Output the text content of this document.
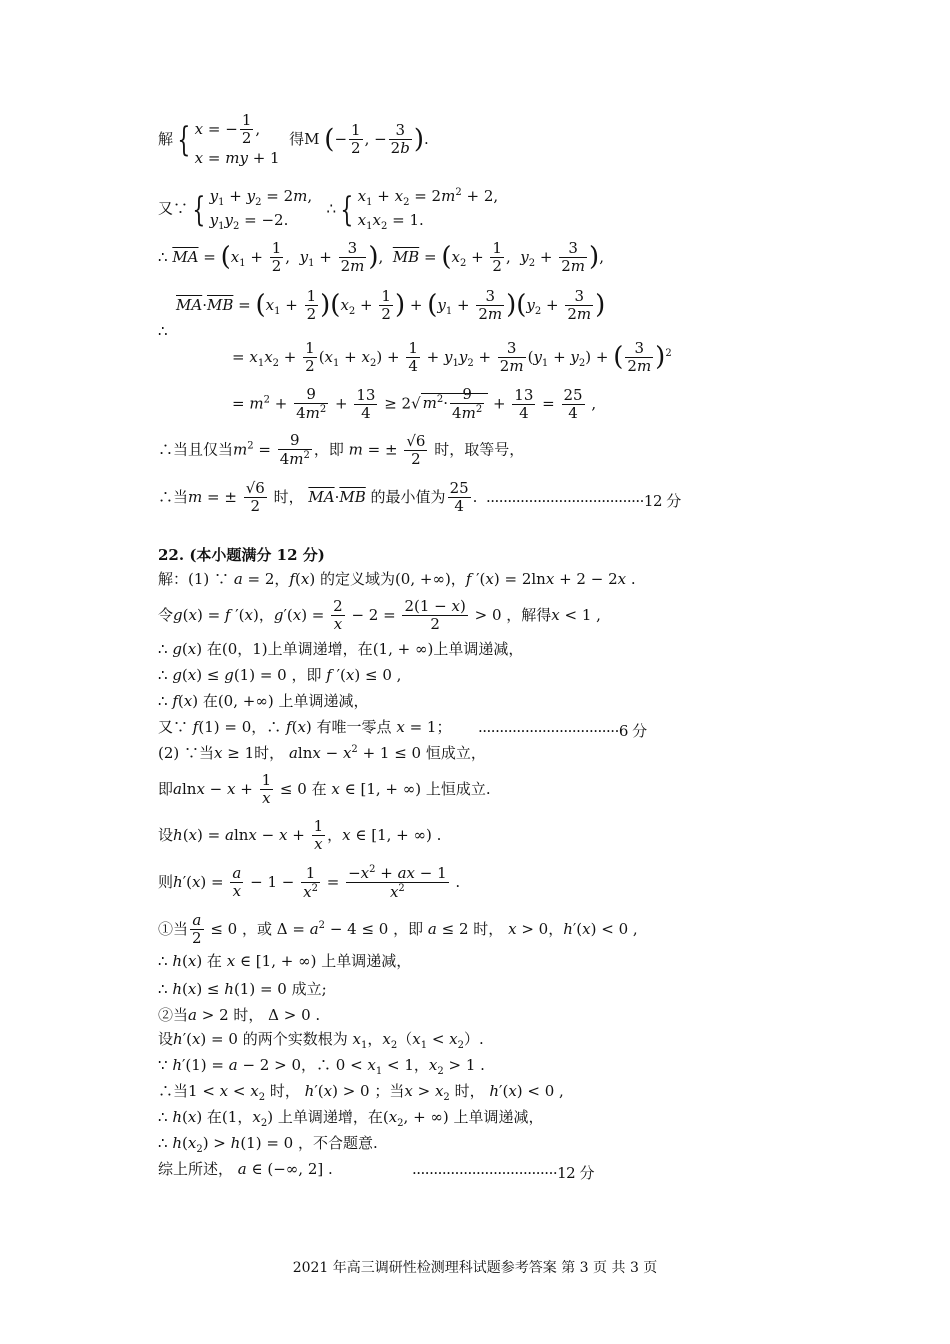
解 { x = − $\frac{1}{2}$ ,
x = my + 1  得M (− $\frac{1}{2}$ , − $\frac{3}{2b}$ ).
又∵ { $y_1 + y_2 = 2m$,
$y_1y_2 = -2$.   ∴ { $x_1 + x_2 = 2m^2 + 2$,
$x_1x_2 = 1$.
∴ $\overline{MA} = (x_1 + \frac{1}{2}$ ,  $y_1 + \frac{3}{2m}$ ),  $\overline{MB} = (x_2 + \frac{1}{2}$ ,  $y_2 + \frac{3}{2m}$ ),
$\overline{MA}\cdot\overline{MB} = (x_1 + \frac{1}{2} )(x_2 + \frac{1}{2}$ ) + $(y_1 + \frac{3}{2m} )(y_2 + \frac{3}{2m}$ )
∴
= $x_1x_2 + \frac{1}{2} (x_1 + x_2) + \frac{1}{4} + y_1y_2 + \frac{3}{2m} (y_1 + y_2)$ + ( $\frac{3}{2m} )^2$
= $m^2 + \frac{9}{4m^2} + \frac{13}{4} \ge 2√$ $m^2\cdot \frac{9}{4m^2} + \frac{13}{4} = \frac{25}{4}$ ,
∴当且仅当$m^2 = \frac{9}{4m^2}$ ，即 m = ± $\frac{√6}{2}$ 时，取等号，
∴当m = ± $\frac{√6}{2}$ 时， $\overline{MA}\cdot\overline{MB}$ 的最小值为 $\frac{25}{4}$ . ·····································12 分
22. (本小题满分 12 分)
解：(1) ∵ a = 2，f(x) 的定义域为(0, +∞)，f ′(x) = 2lnx + 2 − 2x .
令g(x) = f ′(x)，$g'(x) = \frac{2}{x} - 2 = \frac{2(1 - x)}{2} > 0$ ，解得x < 1 ,
∴ g(x) 在(0，1)上单调递增，在(1, + ∞)上单调递减，
∴ g(x) ≤ g(1) = 0 ，即 f ′(x) ≤ 0 ,
∴ f(x) 在(0, +∞) 上单调递减，
又∵ f(1) = 0，∴ f(x) 有唯一零点 x = 1； ·································6 分
(2) ∵当x ≥ 1时， $alnx - x^2 + 1 \le 0$ 恒成立，
即$alnx - x + \frac{1}{x} \le 0$ 在 x ∈ [1, + ∞) 上恒成立.
设$h(x) = alnx - x + \frac{1}{x}$ ，x ∈ [1, + ∞) .
则$h'(x) = \frac{a}{x} - 1 - \frac{1}{x^2} = \frac{-x^2 + ax - 1}{x^2}$ .
①当 $\frac{a}{2} \le 0$ ，或 $\Delta = a^2 - 4 \le 0$ ，即 a ≤ 2 时， x > 0，h′(x) < 0 ,
∴ h(x) 在 x ∈ [1, + ∞) 上单调递减，
∴ h(x) ≤ h(1) = 0 成立;
②当a > 2 时， Δ > 0 .
设h′(x) = 0 的两个实数根为 $x_1$，$x_2(x_1 < x_2)$.
∵ h′(1) = a − 2 > 0，∴ $0 < x_1 < 1$，$x_2 > 1$ .
∴当$1 < x < x_2$ 时， h′(x) > 0 ；当$x > x_2$ 时， h′(x) < 0 ,
∴ h(x) 在(1，$x_2$) 上单调递增，在($x_2$, + ∞) 上单调递减，
∴ $h(x_2) > h(1) = 0$ ，不合题意.
综上所述， a ∈ (−∞, 2] .	··································12 分
2021 年高三调研性检测理科试题参考答案 第 3 页 共 3 页
